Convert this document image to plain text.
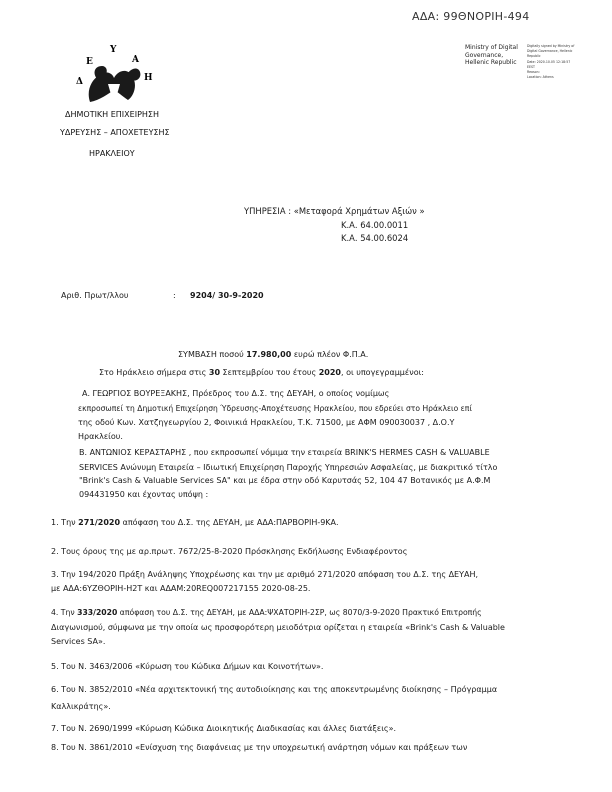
ΑΔΑ: 99ΘΝΟΡΙΗ-494
Ministry of Digital
Governance,
Hellenic Republic
Digitally signed by Ministry of
Digital Governance, Hellenic
Republic
Date: 2020.10.05 12:18:57
EEST
Reason:
Location: Athens
Δ
Ε
Υ
Α
Η
ΔΗΜΟΤΙΚΗ ΕΠΙΧΕΙΡΗΣΗ
ΥΔΡΕΥΣΗΣ – ΑΠΟΧΕΤΕΥΣΗΣ
ΗΡΑΚΛΕΙΟΥ
ΥΠΗΡΕΣΙΑ : «Μεταφορά Χρημάτων Αξιών »
Κ.Α. 64.00.0011
Κ.Α. 54.00.6024
Αριθ. Πρωτ/λλου	: 9204/ 30-9-2020
ΣΥΜΒΑΣΗ ποσού 17.980,00 ευρώ πλέον Φ.Π.Α.
Στο Ηράκλειο σήμερα στις 30 Σεπτεμβρίου του έτους 2020, οι υπογεγραμμένοι:
Α. ΓΕΩΡΓΙΟΣ ΒΟΥΡΕΞΑΚΗΣ, Πρόεδρος του Δ.Σ. της ΔΕΥΑΗ, ο οποίος νομίμως
εκπροσωπεί τη Δημοτική Επιχείρηση Ύδρευσης-Αποχέτευσης Ηρακλείου, που εδρεύει στο Ηράκλειο επί
της οδού Κων. Χατζηγεωργίου 2, Φοινικιά Ηρακλείου, Τ.Κ. 71500, με ΑΦΜ 090030037 , Δ.Ο.Υ
Ηρακλείου.
Β. ΑΝΤΩΝΙΟΣ ΚΕΡΑΣΤΑΡΗΣ , που εκπροσωπεί νόμιμα την εταιρεία BRINK'S HERMES CASH & VALUABLE
SERVICES Ανώνυμη Εταιρεία – Ιδιωτική Επιχείρηση Παροχής Υπηρεσιών Ασφαλείας, με διακριτικό τίτλο
"Brink's Cash & Valuable Services SA" και με έδρα στην οδό Καρυτσάς 52, 104 47 Βοτανικός με Α.Φ.Μ
094431950 και έχοντας υπόψη :
1. Την 271/2020 απόφαση του Δ.Σ. της ΔΕΥΑΗ, με ΑΔΑ:ΠΑΡΒΟΡΙΗ-9ΚΑ.
2. Τους όρους της με αρ.πρωτ. 7672/25-8-2020 Πρόσκλησης Εκδήλωσης Ενδιαφέροντος
3. Την 194/2020 Πράξη Ανάληψης Υποχρέωσης και την με αριθμό 271/2020 απόφαση του Δ.Σ. της ΔΕΥΑΗ,
με ΑΔΑ:6ΥΖΘΟΡΙΗ-Η2Τ και ΑΔΑΜ:20REQ007217155 2020-08-25.
4. Την 333/2020 απόφαση του Δ.Σ. της ΔΕΥΑΗ, με ΑΔΑ:ΨΧΑΤΟΡΙΗ-2ΣΡ, ως 8070/3-9-2020 Πρακτικό Επιτροπής
Διαγωνισμού, σύμφωνα με την οποία ως προσφορότερη μειοδότρια ορίζεται η εταιρεία «Brink's Cash & Valuable
Services SA».
5. Του Ν. 3463/2006 «Κύρωση του Κώδικα Δήμων και Κοινοτήτων».
6. Του Ν. 3852/2010 «Νέα αρχιτεκτονική της αυτοδιοίκησης και της αποκεντρωμένης διοίκησης – Πρόγραμμα
Καλλικράτης».
7. Του Ν. 2690/1999 «Κύρωση Κώδικα Διοικητικής Διαδικασίας και άλλες διατάξεις».
8. Του Ν. 3861/2010 «Ενίσχυση της διαφάνειας με την υποχρεωτική ανάρτηση νόμων και πράξεων των
